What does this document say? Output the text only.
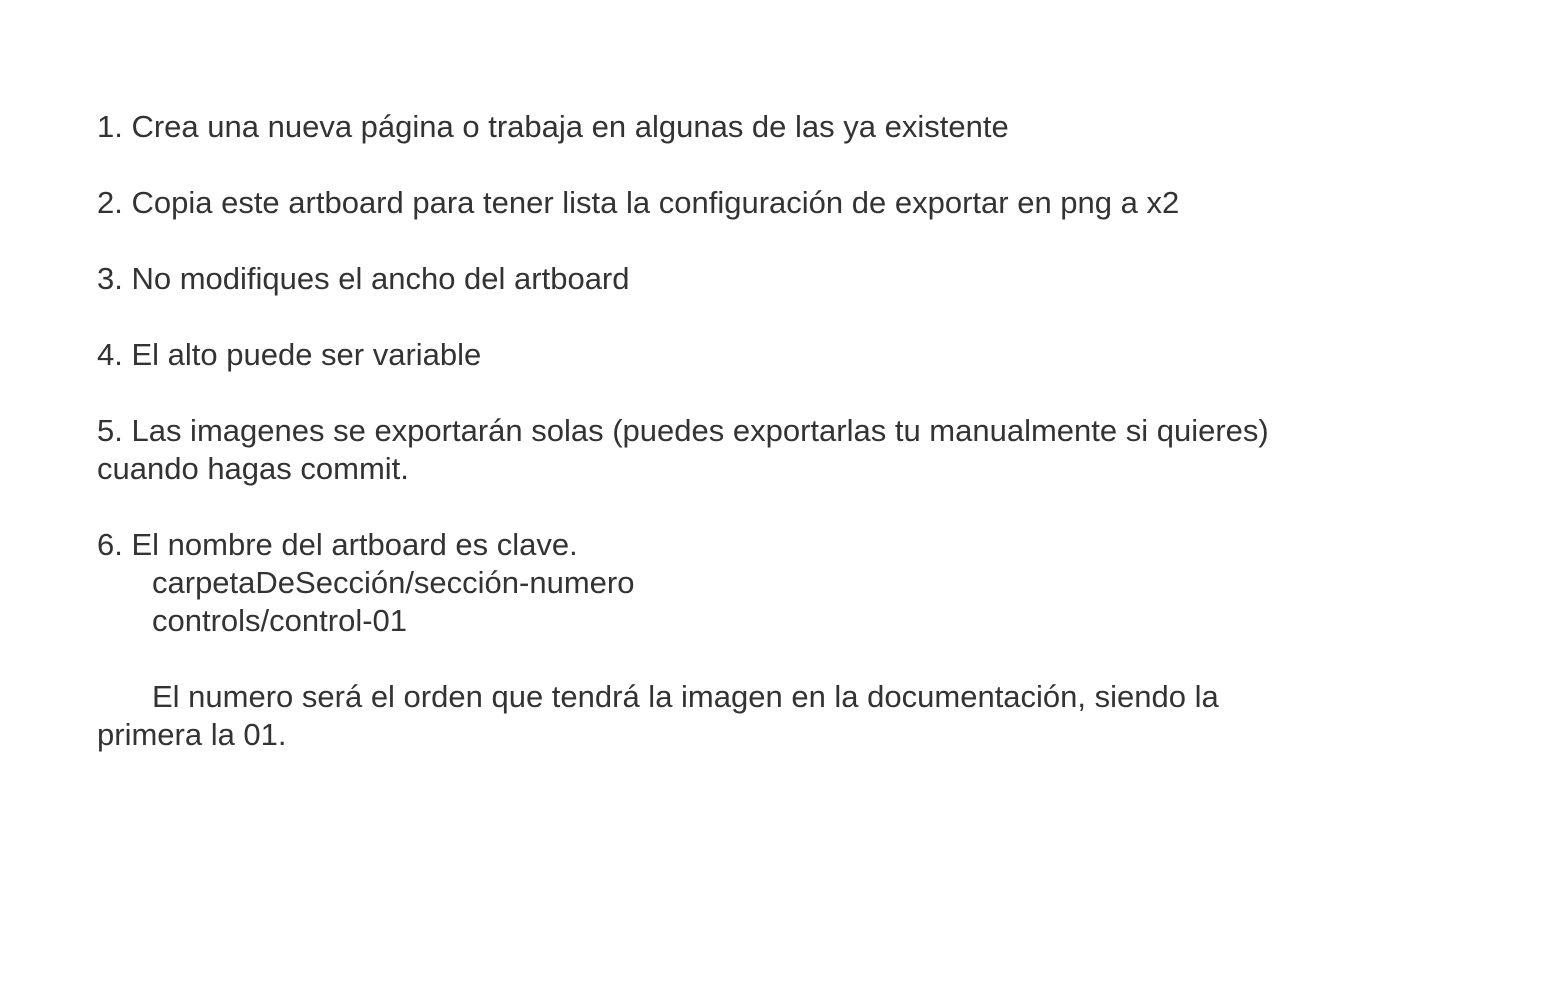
1. Crea una nueva página o trabaja en algunas de las ya existente
2. Copia este artboard para tener lista la configuración de exportar en png a x2
3. No modifiques el ancho del artboard
4. El alto puede ser variable
5. Las imagenes se exportarán solas (puedes exportarlas tu manualmente si quieres)
cuando hagas commit.
6. El nombre del artboard es clave.
carpetaDeSección/sección-numero
controls/control-01
El numero será el orden que tendrá la imagen en la documentación, siendo la
primera la 01.
